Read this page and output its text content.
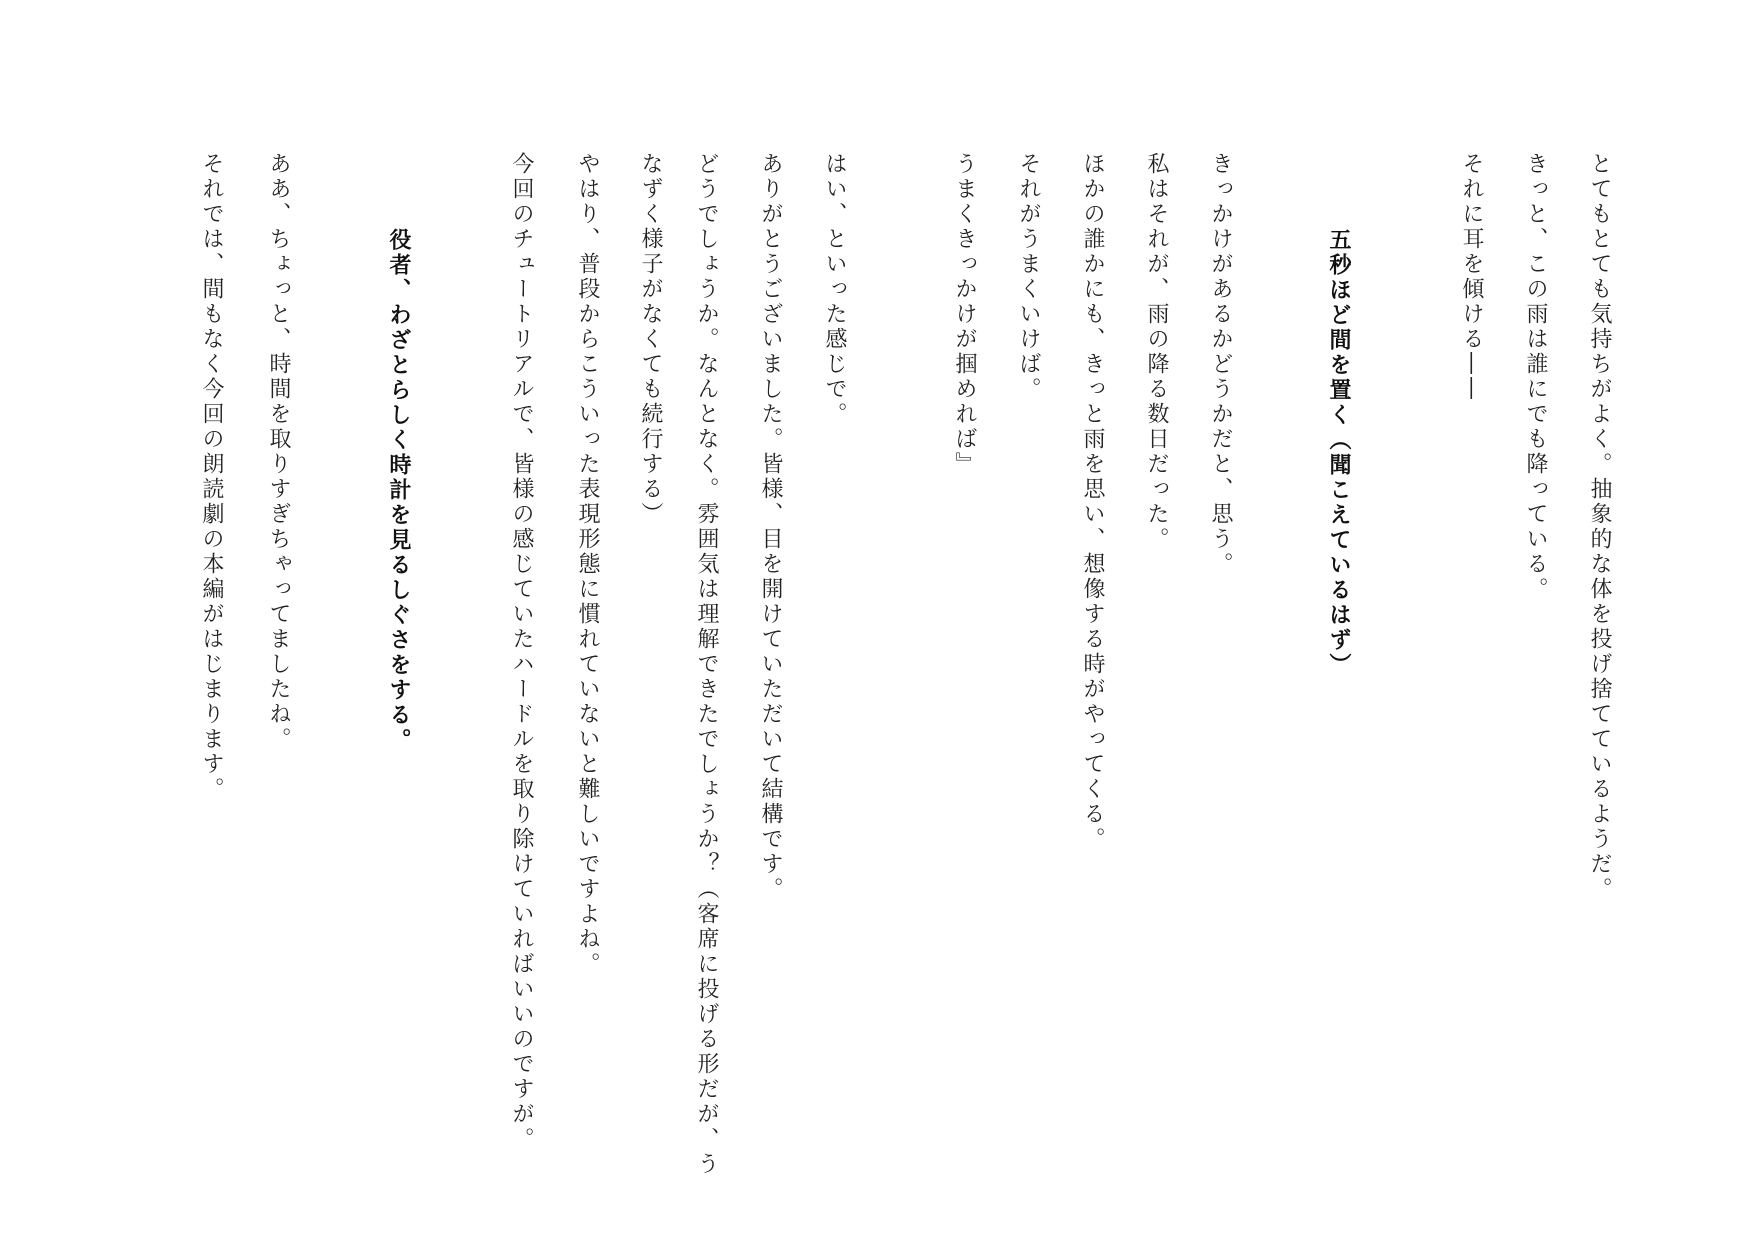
とてもとても気持ちがよく。抽象的な体を投げ捨てているようだ。
きっと、この雨は誰にでも降っている。
それに耳を傾ける――
五秒ほど間を置く（聞こえているはず）
きっかけがあるかどうかだと、思う。
私はそれが、雨の降る数日だった。
ほかの誰かにも、きっと雨を思い、想像する時がやってくる。
それがうまくいけば。
うまくきっかけが掴めれば』
はい、といった感じで。
ありがとうございました。皆様、目を開けていただいて結構です。
どうでしょうか。なんとなく。雰囲気は理解できたでしょうか？（客席に投げる形だが、う
なずく様子がなくても続行する）
やはり、普段からこういった表現形態に慣れていないと難しいですよね。
今回のチュートリアルで、皆様の感じていたハードルを取り除けていればいいのですが。
役者、わざとらしく時計を見るしぐさをする。
ああ、ちょっと、時間を取りすぎちゃってましたね。
それでは、間もなく今回の朗読劇の本編がはじまります。
